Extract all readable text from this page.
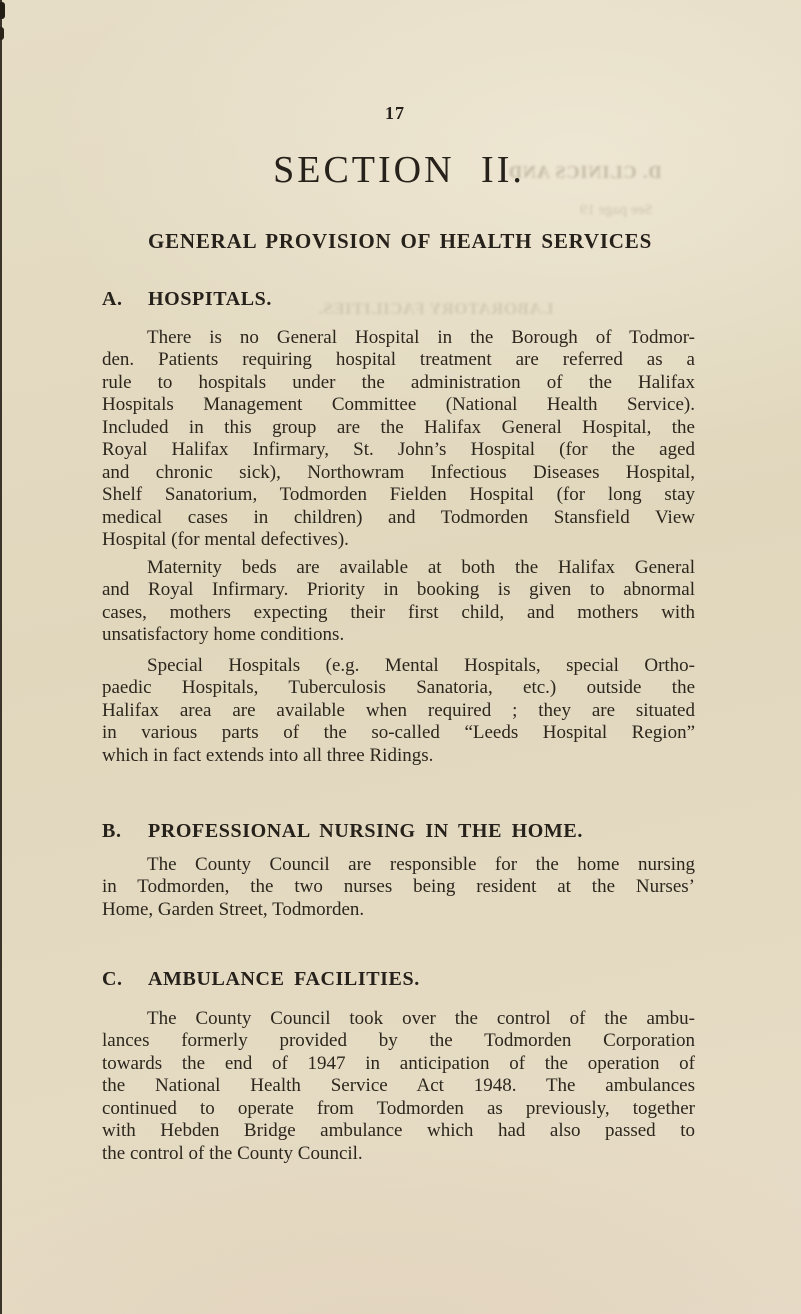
D. CLINICS AND
See page 19
LABORATORY FACILITIES.
17
SECTION II.
GENERAL PROVISION OF HEALTH SERVICES
A.	HOSPITALS.
There is no General Hospital in the Borough of Todmor-
den. Patients requiring hospital treatment are referred as a
rule to hospitals under the administration of the Halifax
Hospitals Management Committee (National Health Service).
Included in this group are the Halifax General Hospital, the
Royal Halifax Infirmary, St. John’s Hospital (for the aged
and chronic sick), Northowram Infectious Diseases Hospital,
Shelf Sanatorium, Todmorden Fielden Hospital (for long stay
medical cases in children) and Todmorden Stansfield View
Hospital (for mental defectives).
Maternity beds are available at both the Halifax General
and Royal Infirmary. Priority in booking is given to abnormal
cases, mothers expecting their first child, and mothers with
unsatisfactory home conditions.
Special Hospitals (e.g. Mental Hospitals, special Ortho-
paedic Hospitals, Tuberculosis Sanatoria, etc.) outside the
Halifax area are available when required ; they are situated
in various parts of the so-called “Leeds Hospital Region”
which in fact extends into all three Ridings.
B.	PROFESSIONAL NURSING IN THE HOME.
The County Council are responsible for the home nursing
in Todmorden, the two nurses being resident at the Nurses’
Home, Garden Street, Todmorden.
C.	AMBULANCE FACILITIES.
The County Council took over the control of the ambu-
lances formerly provided by the Todmorden Corporation
towards the end of 1947 in anticipation of the operation of
the National Health Service Act 1948. The ambulances
continued to operate from Todmorden as previously, together
with Hebden Bridge ambulance which had also passed to
the control of the County Council.
